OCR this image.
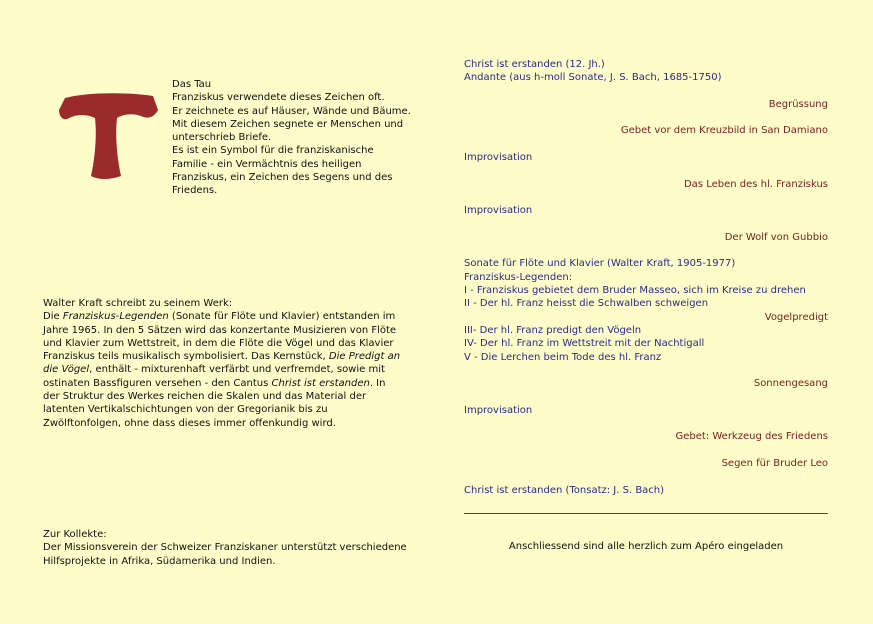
Das Tau
Franziskus verwendete dieses Zeichen oft.
Er zeichnete es auf Häuser, Wände und Bäume.
Mit diesem Zeichen segnete er Menschen und
unterschrieb Briefe.
Es ist ein Symbol für die franziskanische
Familie - ein Vermächtnis des heiligen
Franziskus, ein Zeichen des Segens und des
Friedens.
Walter Kraft schreibt zu seinem Werk:
Die Franziskus-Legenden (Sonate für Flöte und Klavier) entstanden im Jahre 1965. In den 5 Sätzen wird das konzertante Musizieren von Flöte und Klavier zum Wettstreit, in dem die Flöte die Vögel und das Klavier Franziskus teils musikalisch symbolisiert. Das Kernstück, Die Predigt an die Vögel, enthält - mixturenhaft verfärbt und verfremdet, sowie mit ostinaten Bassfiguren versehen - den Cantus Christ ist erstanden. In der Struktur des Werkes reichen die Skalen und das Material der latenten Vertikalschichtungen von der Gregorianik bis zu Zwölftonfolgen, ohne dass dieses immer offenkundig wird.
Zur Kollekte:
Der Missionsverein der Schweizer Franziskaner unterstützt verschiedene Hilfsprojekte in Afrika, Südamerika und Indien.
Christ ist erstanden (12. Jh.)
Andante (aus h-moll Sonate, J. S. Bach, 1685-1750)
Begrüssung
Gebet vor dem Kreuzbild in San Damiano
Improvisation
Das Leben des hl. Franziskus
Improvisation
Der Wolf von Gubbio
Sonate für Flöte und Klavier (Walter Kraft, 1905-1977)
Franziskus-Legenden:
I - Franziskus gebietet dem Bruder Masseo, sich im Kreise zu drehen
II - Der hl. Franz heisst die Schwalben schweigen
Vogelpredigt
III- Der hl. Franz predigt den Vögeln
IV- Der hl. Franz im Wettstreit mit der Nachtigall
V - Die Lerchen beim Tode des hl. Franz
Sonnengesang
Improvisation
Gebet: Werkzeug des Friedens
Segen für Bruder Leo
Christ ist erstanden (Tonsatz: J. S. Bach)
Anschliessend sind alle herzlich zum Apéro eingeladen
